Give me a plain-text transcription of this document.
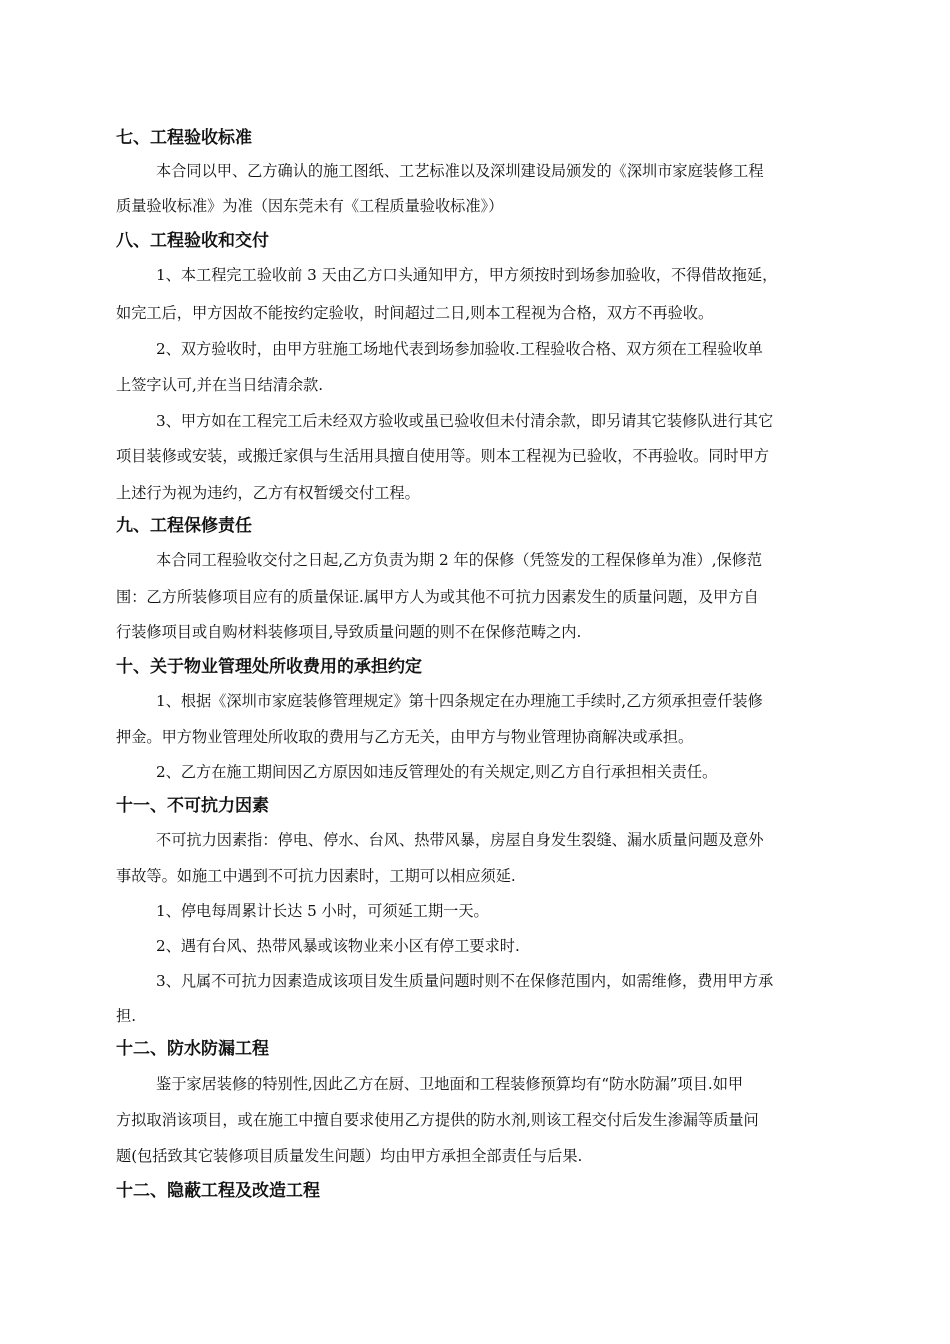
七、工程验收标准
本合同以甲、乙方确认的施工图纸、工艺标准以及深圳建设局颁发的《深圳市家庭装修工程
质量验收标准》为准（因东莞未有《工程质量验收标准》）
八、工程验收和交付
1、本工程完工验收前 3 天由乙方口头通知甲方，甲方须按时到场参加验收，不得借故拖延，
如完工后，甲方因故不能按约定验收，时间超过二日,则本工程视为合格，双方不再验收。
2、双方验收时，由甲方驻施工场地代表到场参加验收.工程验收合格、双方须在工程验收单
上签字认可,并在当日结清余款.
3、甲方如在工程完工后未经双方验收或虽已验收但未付清余款，即另请其它装修队进行其它
项目装修或安装，或搬迁家俱与生活用具擅自使用等。则本工程视为已验收，不再验收。同时甲方
上述行为视为违约，乙方有权暂缓交付工程。
九、工程保修责任
本合同工程验收交付之日起,乙方负责为期 2 年的保修（凭签发的工程保修单为准）,保修范
围：乙方所装修项目应有的质量保证.属甲方人为或其他不可抗力因素发生的质量问题，及甲方自
行装修项目或自购材料装修项目,导致质量问题的则不在保修范畴之内.
十、关于物业管理处所收费用的承担约定
1、根据《深圳市家庭装修管理规定》第十四条规定在办理施工手续时,乙方须承担壹仟装修
押金。甲方物业管理处所收取的费用与乙方无关，由甲方与物业管理协商解决或承担。
2、乙方在施工期间因乙方原因如违反管理处的有关规定,则乙方自行承担相关责任。
十一、不可抗力因素
不可抗力因素指：停电、停水、台风、热带风暴，房屋自身发生裂缝、漏水质量问题及意外
事故等。如施工中遇到不可抗力因素时，工期可以相应须延.
1、停电每周累计长达 5 小时，可须延工期一天。
2、遇有台风、热带风暴或该物业来小区有停工要求时.
3、凡属不可抗力因素造成该项目发生质量问题时则不在保修范围内，如需维修，费用甲方承
担.
十二、防水防漏工程
鉴于家居装修的特别性,因此乙方在厨、卫地面和工程装修预算均有“防水防漏”项目.如甲
方拟取消该项目，或在施工中擅自要求使用乙方提供的防水剂,则该工程交付后发生渗漏等质量问
题(包括致其它装修项目质量发生问题）均由甲方承担全部责任与后果.
十二、隐蔽工程及改造工程
